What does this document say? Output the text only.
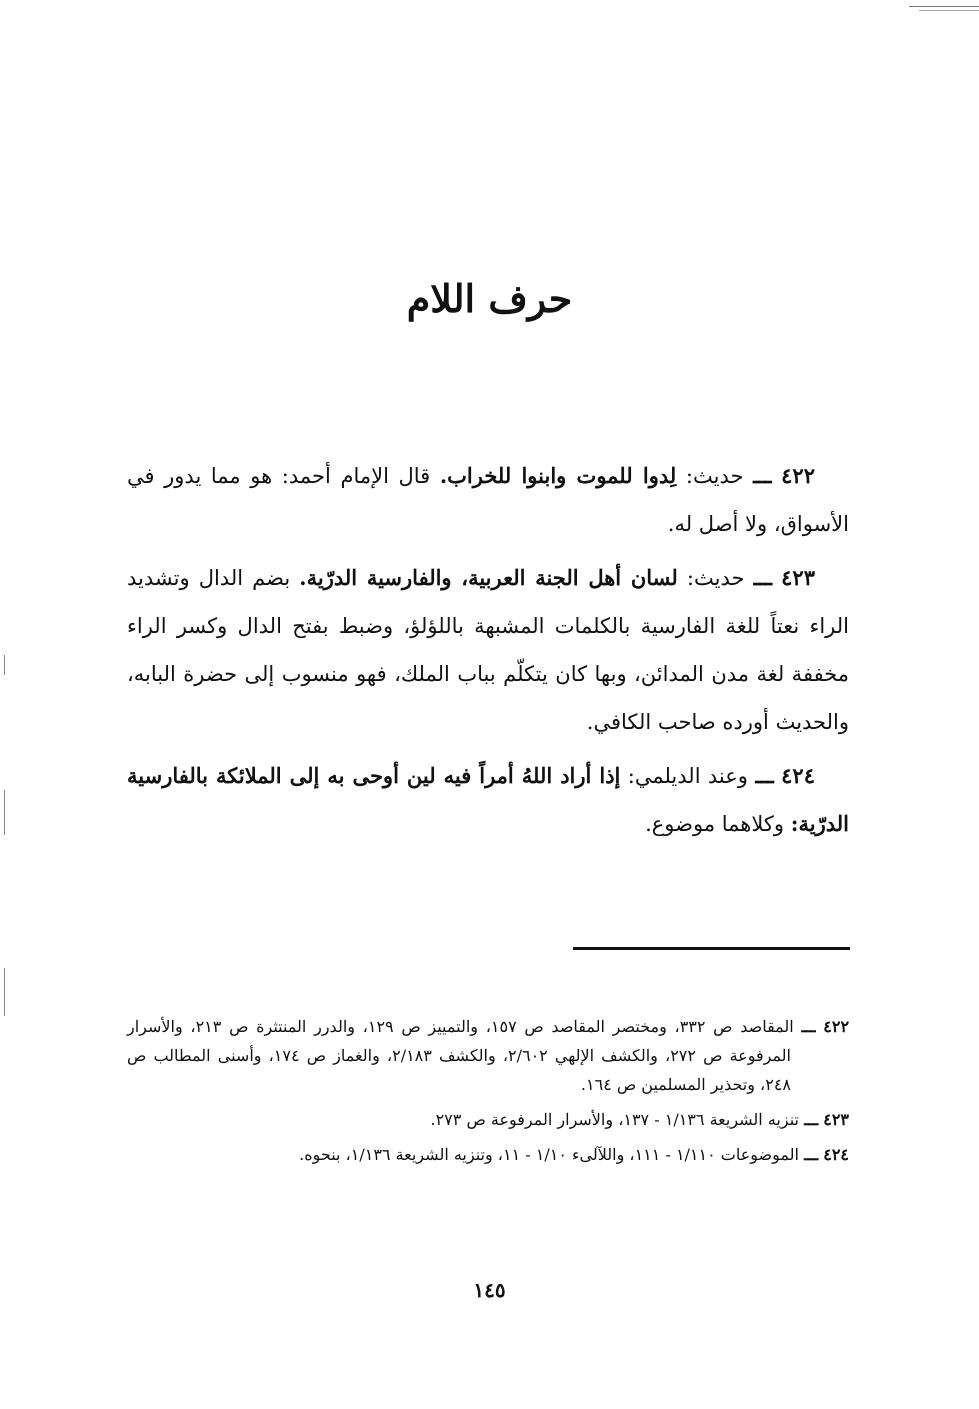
حرف اللام

٤٢٢ ـــ حديث: لِدوا للموت وابنوا للخراب. قال الإمام أحمد: هو مما يدور في الأسواق، ولا أصل له.

٤٢٣ ـــ حديث: لسان أهل الجنة العربية، والفارسية الدرّية. بضم الدال وتشديد الراء نعتاً للغة الفارسية بالكلمات المشبهة باللؤلؤ، وضبط بفتح الدال وكسر الراء مخففة لغة مدن المدائن، وبها كان يتكلّم بباب الملك، فهو منسوب إلى حضرة البابه، والحديث أورده صاحب الكافي.

٤٢٤ ـــ وعند الديلمي: إذا أراد اللهُ أمراً فيه لين أوحى به إلى الملائكة بالفارسية الدرّية: وكلاهما موضوع.

٤٢٢ ـــ المقاصد ص ٣٣٢، ومختصر المقاصد ص ١٥٧، والتمييز ص ١٢٩، والدرر المنتثرة ص ٢١٣، والأسرار المرفوعة ص ٢٧٢، والكشف الإلهي ٢/٦٠٢، والكشف ٢/١٨٣، والغماز ص ١٧٤، وأسنى المطالب ص ٢٤٨، وتحذير المسلمين ص ١٦٤.
٤٢٣ ـــ تنزيه الشريعة ١/١٣٦ - ١٣٧، والأسرار المرفوعة ص ٢٧٣.
٤٢٤ ـــ الموضوعات ١/١١٠ - ١١١، واللآلىء ١/١٠ - ١١، وتنزيه الشريعة ١/١٣٦، بنحوه.
١٤٥
